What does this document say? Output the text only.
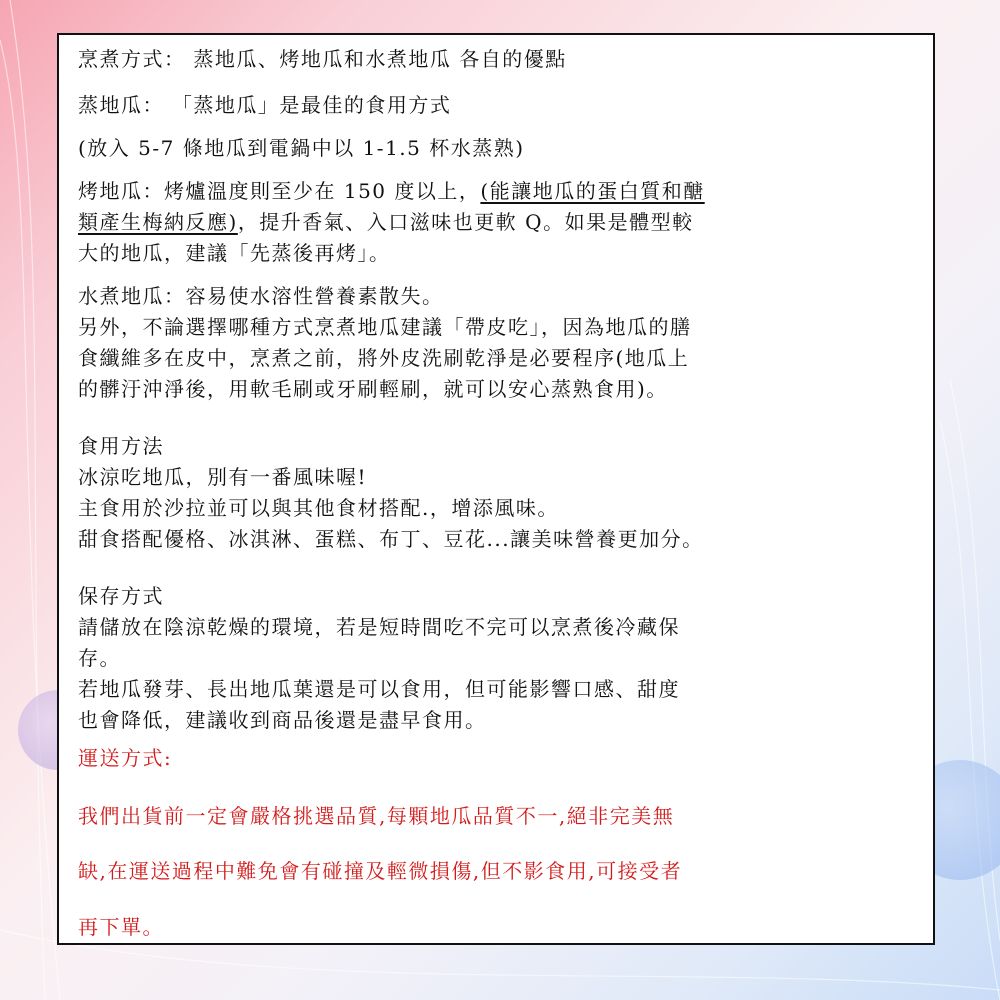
烹煮方式： 蒸地瓜、烤地瓜和水煮地瓜 各自的優點
蒸地瓜： 「蒸地瓜」是最佳的食用方式
(放入 5-7 條地瓜到電鍋中以 1-1.5 杯水蒸熟)
烤地瓜：烤爐溫度則至少在 150 度以上，(能讓地瓜的蛋白質和醣
類產生梅納反應)，提升香氣、入口滋味也更軟 Q。如果是體型較
大的地瓜，建議「先蒸後再烤」。
水煮地瓜：容易使水溶性營養素散失。
另外，不論選擇哪種方式烹煮地瓜建議「帶皮吃」，因為地瓜的膳
食纖維多在皮中，烹煮之前，將外皮洗刷乾淨是必要程序(地瓜上
的髒汙沖淨後，用軟毛刷或牙刷輕刷，就可以安心蒸熟食用)。
食用方法
冰涼吃地瓜，別有一番風味喔!
主食用於沙拉並可以與其他食材搭配.，增添風味。
甜食搭配優格、冰淇淋、蛋糕、布丁、豆花...讓美味營養更加分。
保存方式
請儲放在陰涼乾燥的環境，若是短時間吃不完可以烹煮後冷藏保
存。
若地瓜發芽、長出地瓜葉還是可以食用，但可能影響口感、甜度
也會降低，建議收到商品後還是盡早食用。
運送方式:
我們出貨前一定會嚴格挑選品質,每顆地瓜品質不一,絕非完美無
缺,在運送過程中難免會有碰撞及輕微損傷,但不影食用,可接受者
再下單。
